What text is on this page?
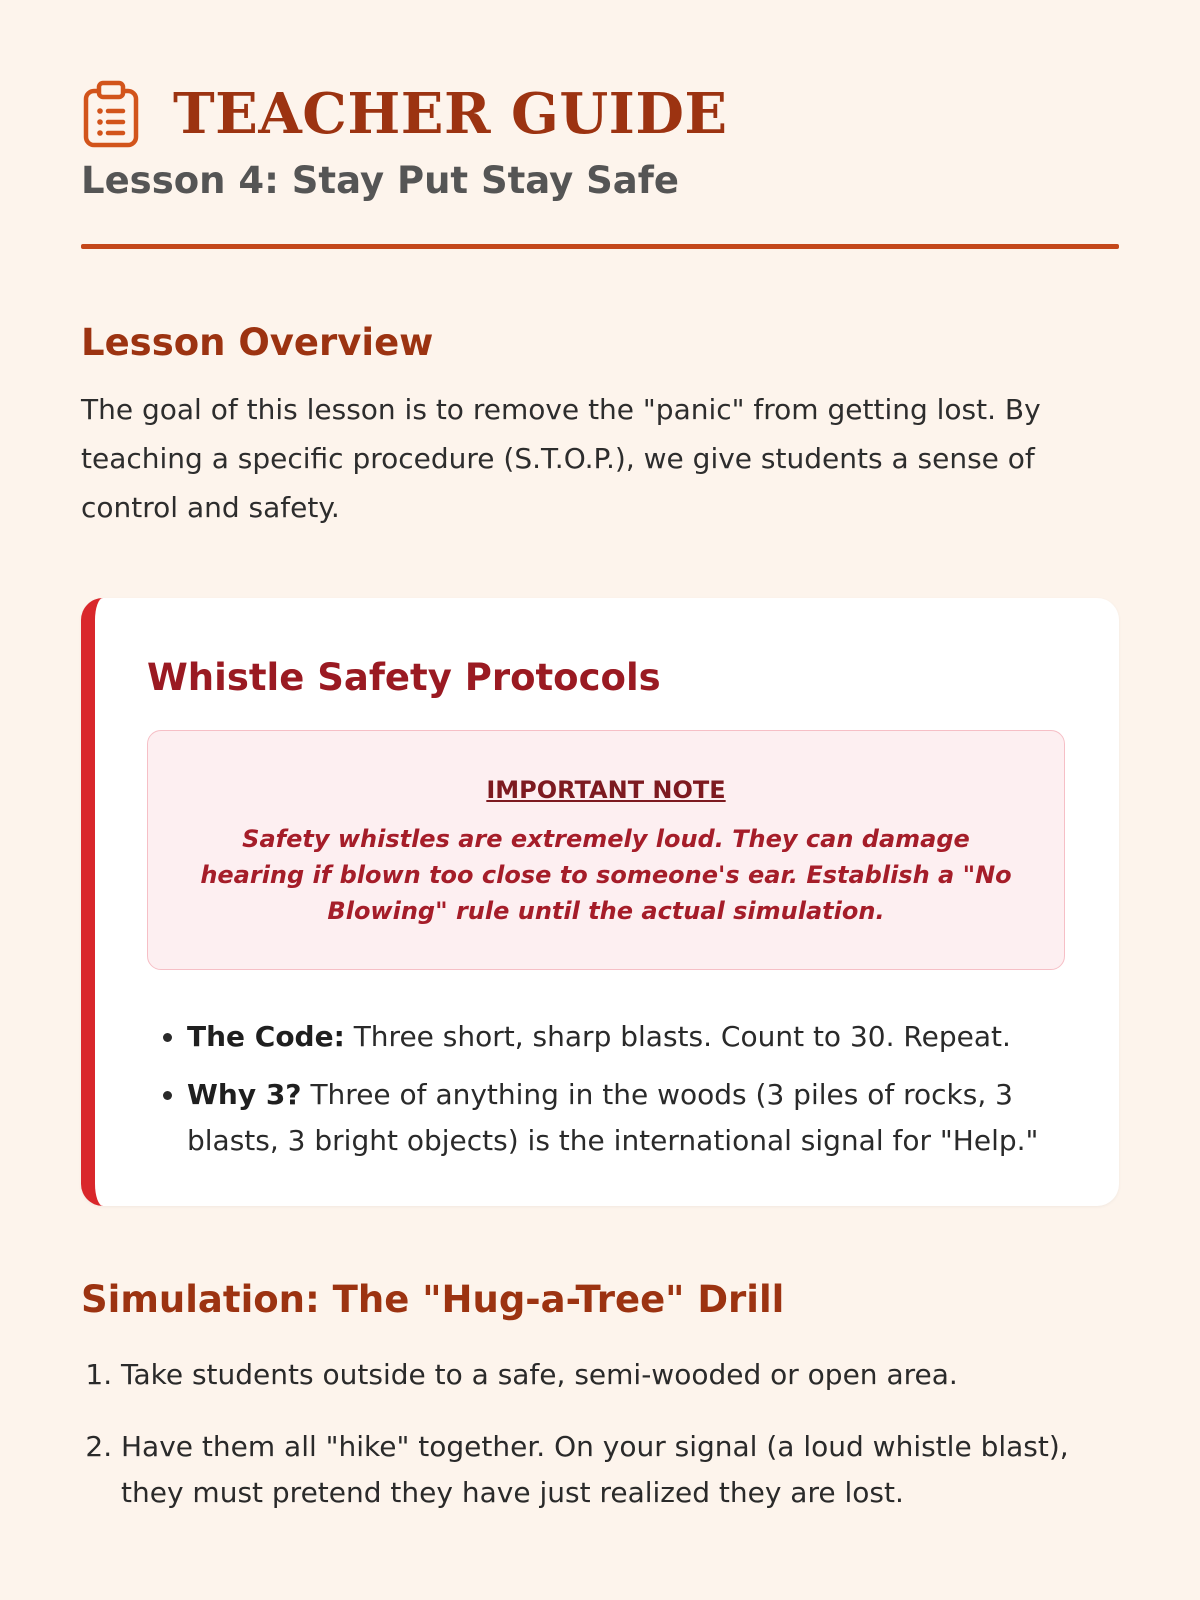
TEACHER GUIDE
Lesson 4: Stay Put Stay Safe
Lesson Overview
The goal of this lesson is to remove the "panic" from getting lost. By teaching a specific procedure (S.T.O.P.), we give students a sense of control and safety.
Whistle Safety Protocols
IMPORTANT NOTE
Safety whistles are extremely loud. They can damage hearing if blown too close to someone's ear. Establish a "No Blowing" rule until the actual simulation.
• The Code: Three short, sharp blasts. Count to 30. Repeat.
• Why 3? Three of anything in the woods (3 piles of rocks, 3 blasts, 3 bright objects) is the international signal for "Help."
Simulation: The "Hug-a-Tree" Drill
1. Take students outside to a safe, semi-wooded or open area.
2. Have them all "hike" together. On your signal (a loud whistle blast), they must pretend they have just realized they are lost.
